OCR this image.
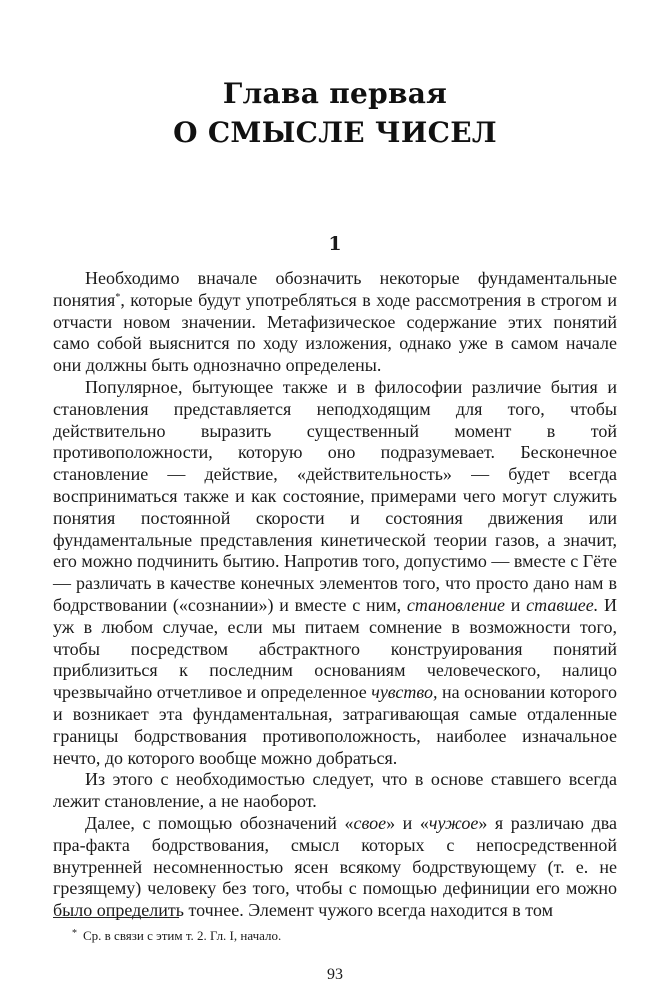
Глава первая
О СМЫСЛЕ ЧИСЕЛ
1

Необходимо вначале обозначить некоторые фундаментальные понятия*, которые будут употребляться в ходе рассмотрения в строгом и отчасти новом значении. Метафизическое содержание этих понятий само собой выяснится по ходу изложения, однако уже в самом начале они должны быть однозначно определены.

Популярное, бытующее также и в философии различие бытия и становления представляется неподходящим для того, чтобы действительно выразить существенный момент в той противоположности, которую оно подразумевает. Бесконечное становление — действие, «действительность» — будет всегда восприниматься также и как состояние, примерами чего могут служить понятия постоянной скорости и состояния движения или фундаментальные представления кинетической теории газов, а значит, его можно подчинить бытию. Напротив того, допустимо — вместе с Гёте — различать в качестве конечных элементов того, что просто дано нам в бодрствовании («сознании») и вместе с ним, становление и ставшее. И уж в любом случае, если мы питаем сомнение в возможности того, чтобы посредством абстрактного конструирования понятий приблизиться к последним основаниям человеческого, налицо чрезвычайно отчетливое и определенное чувство, на основании которого и возникает эта фундаментальная, затрагивающая самые отдаленные границы бодрствования противоположность, наиболее изначальное нечто, до которого вообще можно добраться.

Из этого с необходимостью следует, что в основе ставшего всегда лежит становление, а не наоборот.

Далее, с помощью обозначений «свое» и «чужое» я различаю два пра-факта бодрствования, смысл которых с непосредственной внутренней несомненностью ясен всякому бодрствующему (т. е. не грезящему) человеку без того, чтобы с помощью дефиниции его можно было определить точнее. Элемент чужого всегда находится в том

* Ср. в связи с этим т. 2. Гл. I, начало.
93
